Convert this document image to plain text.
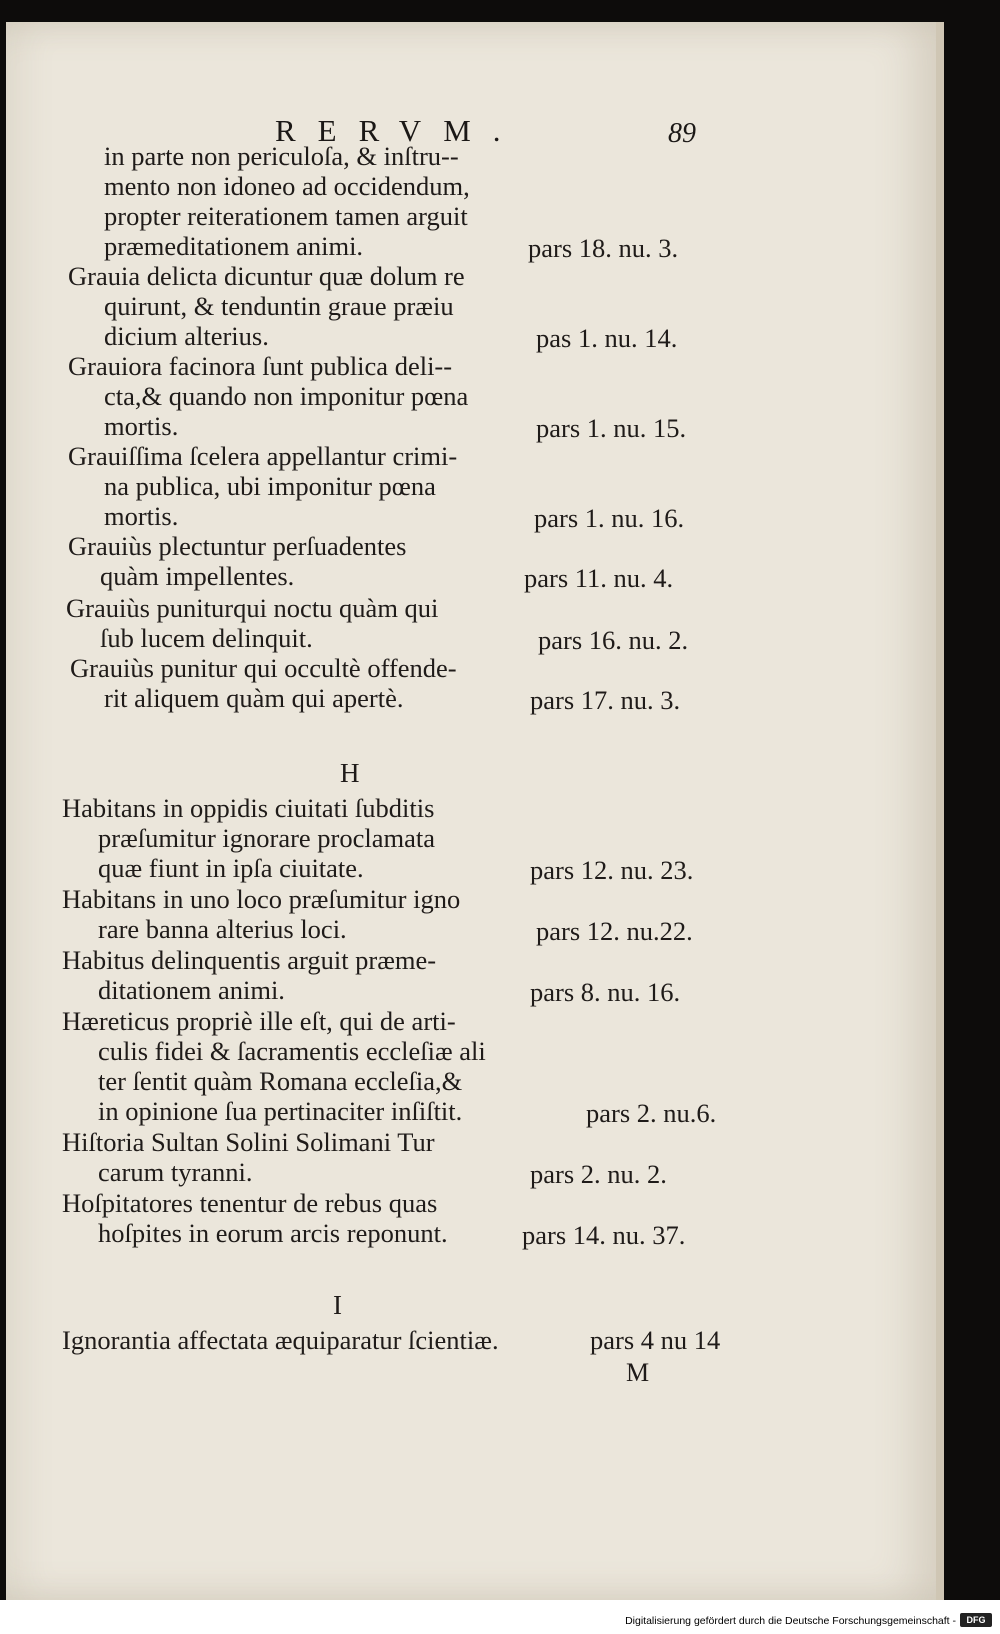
RERVM.	89
in parte non periculoſa, & inſtru--
mento non idoneo ad occidendum,
propter reiterationem tamen arguit
præmeditationem animi.	pars 18. nu. 3.
Grauia delicta dicuntur quæ dolum re
quirunt, & tenduntin graue præiu
dicium alterius.	pas 1. nu. 14.
Grauiora facinora ſunt publica deli--
cta,& quando non imponitur pœna
mortis.	pars 1. nu. 15.
Grauiſſima ſcelera appellantur crimi-
na publica, ubi imponitur pœna
mortis.	pars 1. nu. 16.
Grauiùs plectuntur perſuadentes
quàm impellentes.	pars 11. nu. 4.
Grauiùs puniturqui noctu quàm qui
ſub lucem delinquit.	pars 16. nu. 2.
Grauiùs punitur qui occultè offende-
rit aliquem quàm qui apertè.	pars 17. nu. 3.
H
Habitans in oppidis ciuitati ſubditis
præſumitur ignorare proclamata
quæ fiunt in ipſa ciuitate.	pars 12. nu. 23.
Habitans in uno loco præſumitur igno
rare banna alterius loci.	pars 12. nu.22.
Habitus delinquentis arguit præme-
ditationem animi.	pars 8. nu. 16.
Hæreticus propriè ille eſt, qui de arti-
culis fidei & ſacramentis eccleſiæ ali
ter ſentit quàm Romana eccleſia,&
in opinione ſua pertinaciter inſiſtit.	pars 2. nu.6.
Hiſtoria Sultan Solini Solimani Tur
carum tyranni.	pars 2. nu. 2.
Hoſpitatores tenentur de rebus quas
hoſpites in eorum arcis reponunt.	pars 14. nu. 37.
I
Ignorantia affectata æquiparatur ſcientiæ.	pars 4 nu 14
M
Digitalisierung gefördert durch die Deutsche Forschungsgemeinschaft -	DFG
